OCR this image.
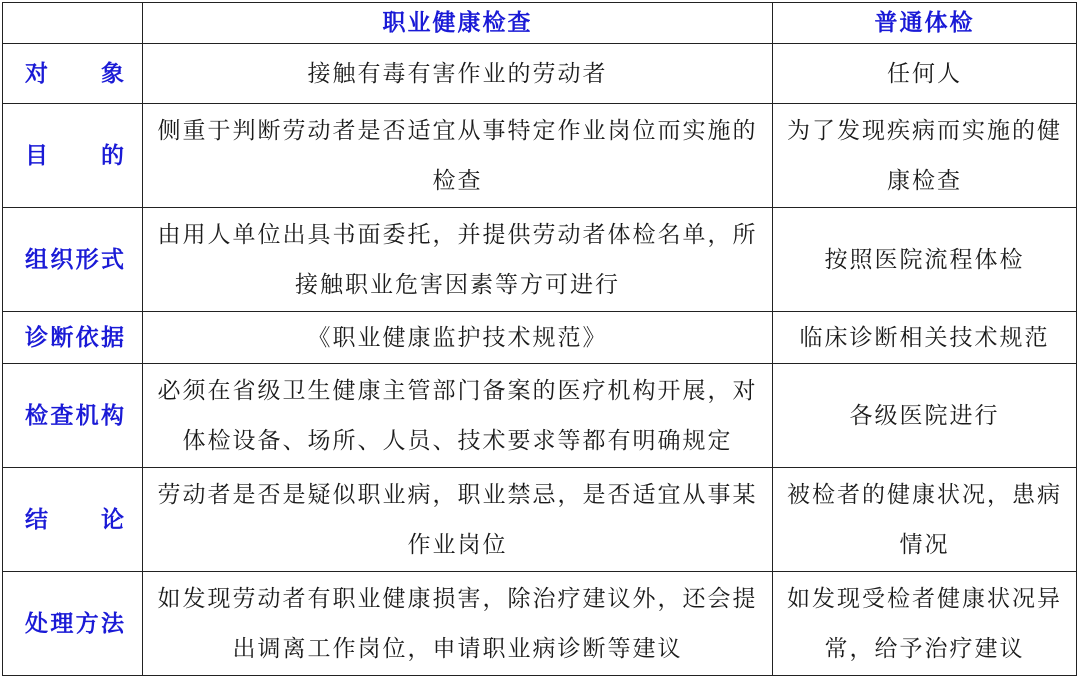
	职业健康检查	普通体检
对　　象	接触有毒有害作业的劳动者	任何人
目　　的	侧重于判断劳动者是否适宜从事特定作业岗位而实施的检查	为了发现疾病而实施的健康检查
组织形式	由用人单位出具书面委托，并提供劳动者体检名单，所接触职业危害因素等方可进行	按照医院流程体检
诊断依据	《职业健康监护技术规范》	临床诊断相关技术规范
检查机构	必须在省级卫生健康主管部门备案的医疗机构开展，对体检设备、场所、人员、技术要求等都有明确规定	各级医院进行
结　　论	劳动者是否是疑似职业病，职业禁忌，是否适宜从事某作业岗位	被检者的健康状况，患病情况
处理方法	如发现劳动者有职业健康损害，除治疗建议外，还会提出调离工作岗位，申请职业病诊断等建议	如发现受检者健康状况异常，给予治疗建议
